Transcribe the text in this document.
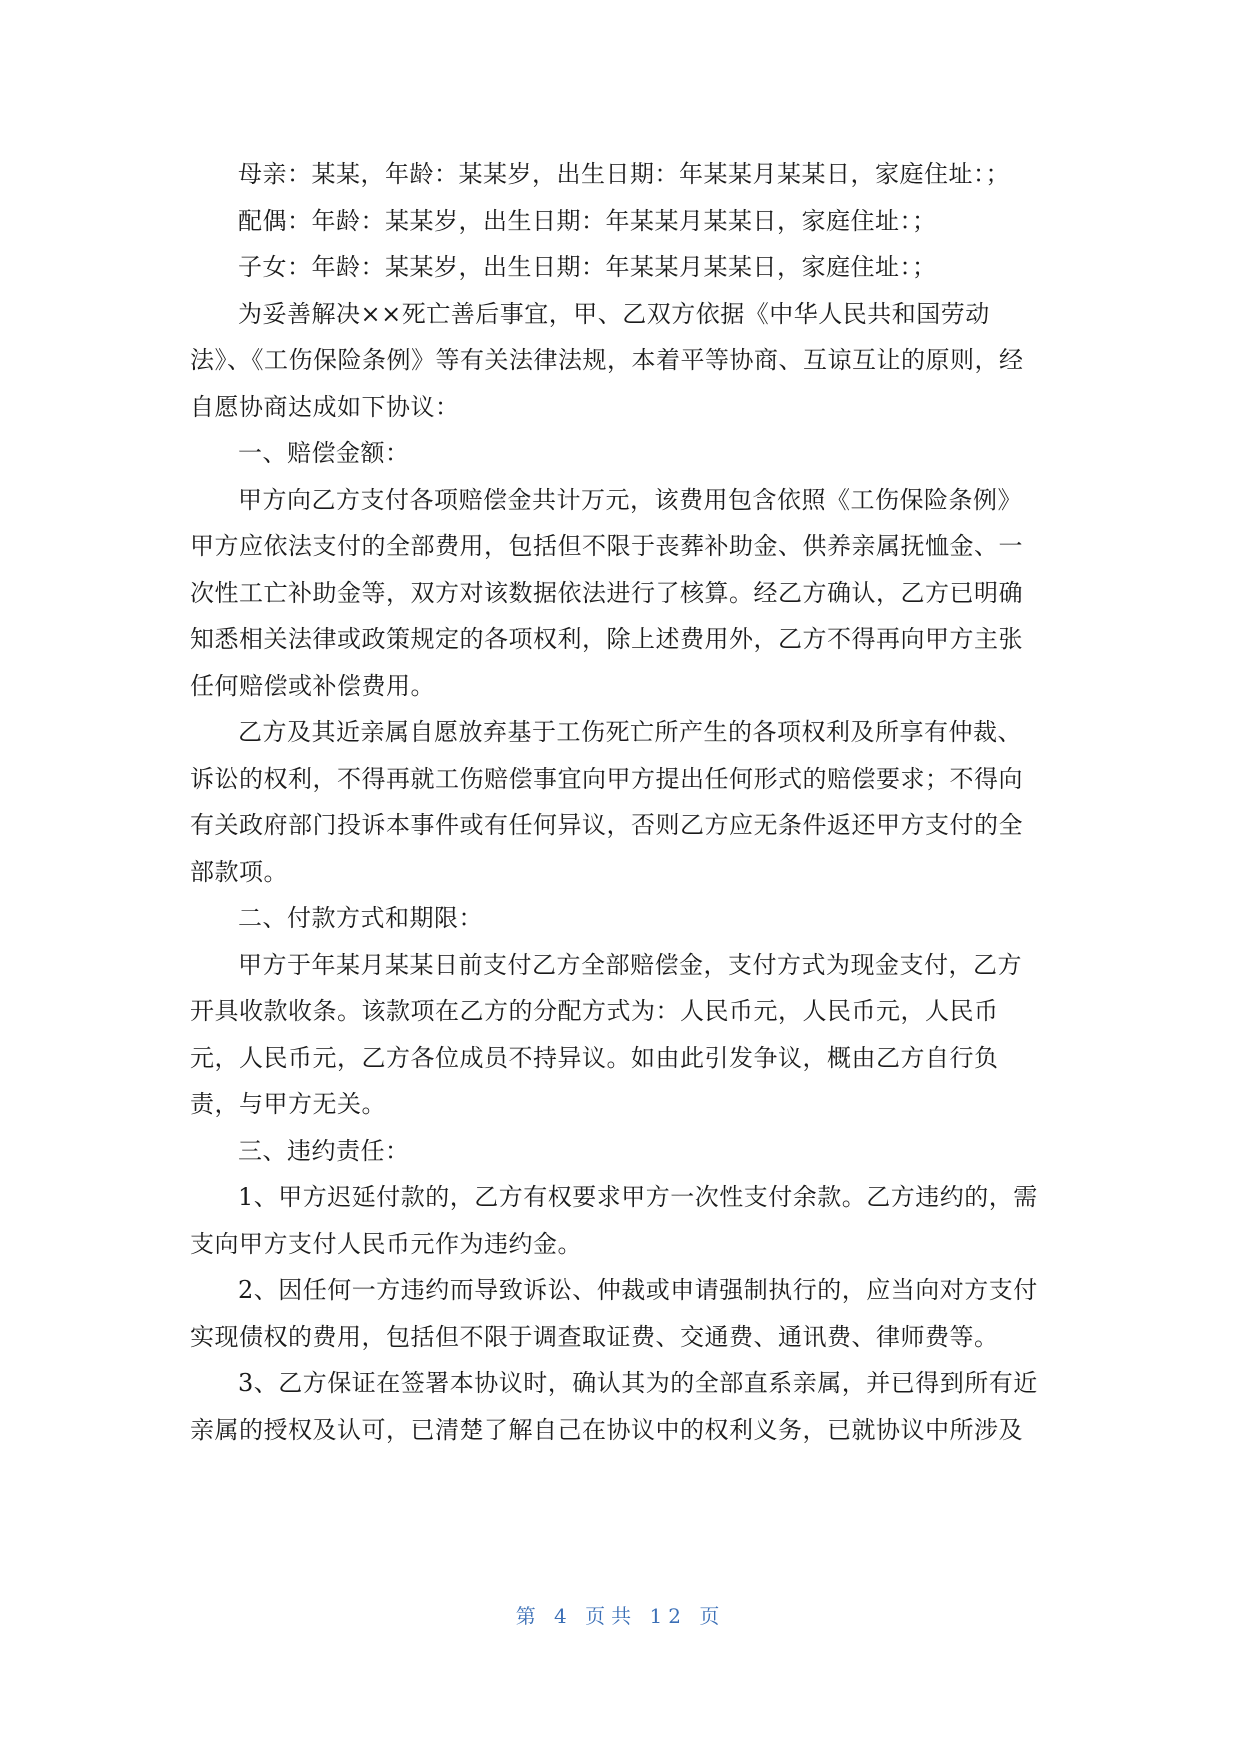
母亲：某某，年龄：某某岁，出生日期：年某某月某某日，家庭住址：；
配偶：年龄：某某岁，出生日期：年某某月某某日，家庭住址：；
子女：年龄：某某岁，出生日期：年某某月某某日，家庭住址：；
为妥善解决××死亡善后事宜，甲、乙双方依据《中华人民共和国劳动
法》、《工伤保险条例》等有关法律法规，本着平等协商、互谅互让的原则，经
自愿协商达成如下协议：
一、赔偿金额：
甲方向乙方支付各项赔偿金共计万元，该费用包含依照《工伤保险条例》
甲方应依法支付的全部费用，包括但不限于丧葬补助金、供养亲属抚恤金、一
次性工亡补助金等，双方对该数据依法进行了核算。经乙方确认，乙方已明确
知悉相关法律或政策规定的各项权利，除上述费用外，乙方不得再向甲方主张
任何赔偿或补偿费用。
乙方及其近亲属自愿放弃基于工伤死亡所产生的各项权利及所享有仲裁、
诉讼的权利，不得再就工伤赔偿事宜向甲方提出任何形式的赔偿要求；不得向
有关政府部门投诉本事件或有任何异议，否则乙方应无条件返还甲方支付的全
部款项。
二、付款方式和期限：
甲方于年某月某某日前支付乙方全部赔偿金，支付方式为现金支付，乙方
开具收款收条。该款项在乙方的分配方式为：人民币元，人民币元，人民币
元，人民币元，乙方各位成员不持异议。如由此引发争议，概由乙方自行负
责，与甲方无关。
三、违约责任：
1、甲方迟延付款的，乙方有权要求甲方一次性支付余款。乙方违约的，需
支向甲方支付人民币元作为违约金。
2、因任何一方违约而导致诉讼、仲裁或申请强制执行的，应当向对方支付
实现债权的费用，包括但不限于调查取证费、交通费、通讯费、律师费等。
3、乙方保证在签署本协议时，确认其为的全部直系亲属，并已得到所有近
亲属的授权及认可，已清楚了解自己在协议中的权利义务，已就协议中所涉及
第 4 页共 12 页
